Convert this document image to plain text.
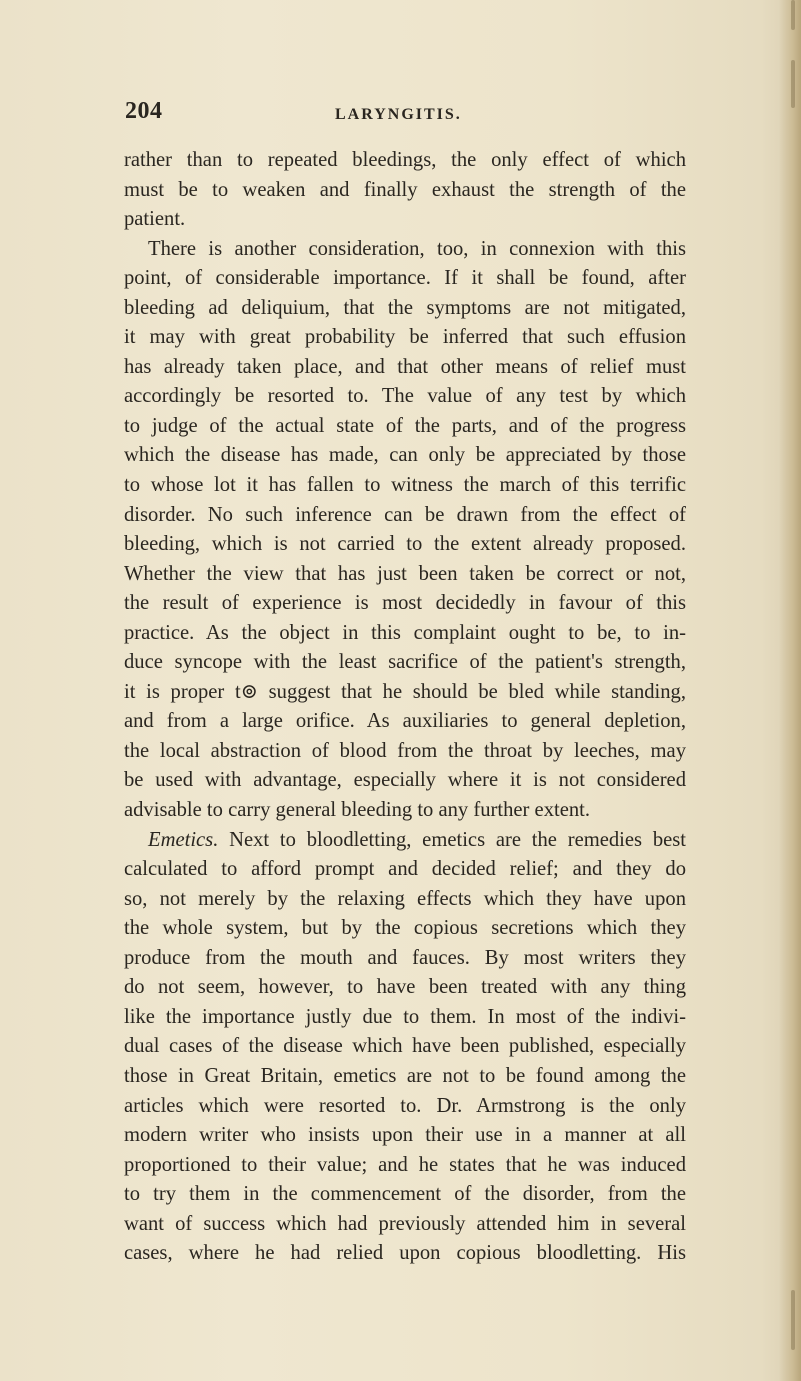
204	LARYNGITIS.
rather than to repeated bleedings, the only effect of which
must be to weaken and finally exhaust the strength of the
patient.
There is another consideration, too, in connexion with this
point, of considerable importance. If it shall be found, after
bleeding ad deliquium, that the symptoms are not mitigated,
it may with great probability be inferred that such effusion
has already taken place, and that other means of relief must
accordingly be resorted to. The value of any test by which
to judge of the actual state of the parts, and of the progress
which the disease has made, can only be appreciated by those
to whose lot it has fallen to witness the march of this terrific
disorder. No such inference can be drawn from the effect of
bleeding, which is not carried to the extent already proposed.
Whether the view that has just been taken be correct or not,
the result of experience is most decidedly in favour of this
practice. As the object in this complaint ought to be, to in-
duce syncope with the least sacrifice of the patient's strength,
it is proper t⊚ suggest that he should be bled while standing,
and from a large orifice. As auxiliaries to general depletion,
the local abstraction of blood from the throat by leeches, may
be used with advantage, especially where it is not considered
advisable to carry general bleeding to any further extent.
Emetics. Next to bloodletting, emetics are the remedies best
calculated to afford prompt and decided relief; and they do
so, not merely by the relaxing effects which they have upon
the whole system, but by the copious secretions which they
produce from the mouth and fauces. By most writers they
do not seem, however, to have been treated with any thing
like the importance justly due to them. In most of the indivi-
dual cases of the disease which have been published, especially
those in Great Britain, emetics are not to be found among the
articles which were resorted to. Dr. Armstrong is the only
modern writer who insists upon their use in a manner at all
proportioned to their value; and he states that he was induced
to try them in the commencement of the disorder, from the
want of success which had previously attended him in several
cases, where he had relied upon copious bloodletting. His
